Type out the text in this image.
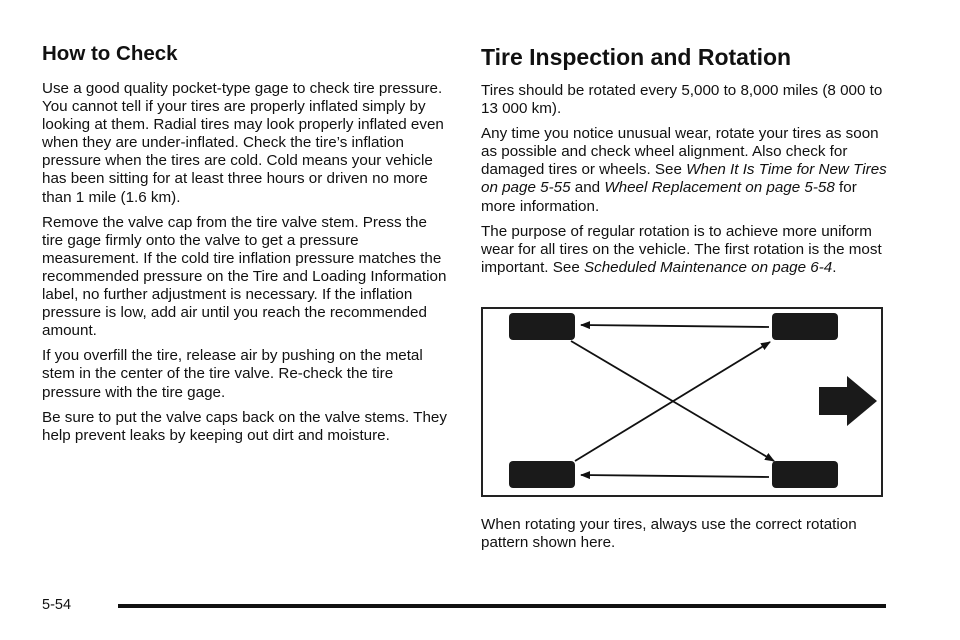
How to Check

Use a good quality pocket-type gage to check tire pressure. You cannot tell if your tires are properly inflated simply by looking at them. Radial tires may look properly inflated even when they are under-inflated. Check the tire’s inflation pressure when the tires are cold. Cold means your vehicle has been sitting for at least three hours or driven no more than 1 mile (1.6 km).

Remove the valve cap from the tire valve stem. Press the tire gage firmly onto the valve to get a pressure measurement. If the cold tire inflation pressure matches the recommended pressure on the Tire and Loading Information label, no further adjustment is necessary. If the inflation pressure is low, add air until you reach the recommended amount.

If you overfill the tire, release air by pushing on the metal stem in the center of the tire valve. Re-check the tire pressure with the tire gage.

Be sure to put the valve caps back on the valve stems. They help prevent leaks by keeping out dirt and moisture.

Tire Inspection and Rotation

Tires should be rotated every 5,000 to 8,000 miles (8 000 to 13 000 km).

Any time you notice unusual wear, rotate your tires as soon as possible and check wheel alignment. Also check for damaged tires or wheels. See When It Is Time for New Tires on page 5-55 and Wheel Replacement on page 5-58 for more information.

The purpose of regular rotation is to achieve more uniform wear for all tires on the vehicle. The first rotation is the most important. See Scheduled Maintenance on page 6-4.

When rotating your tires, always use the correct rotation pattern shown here.

5-54
